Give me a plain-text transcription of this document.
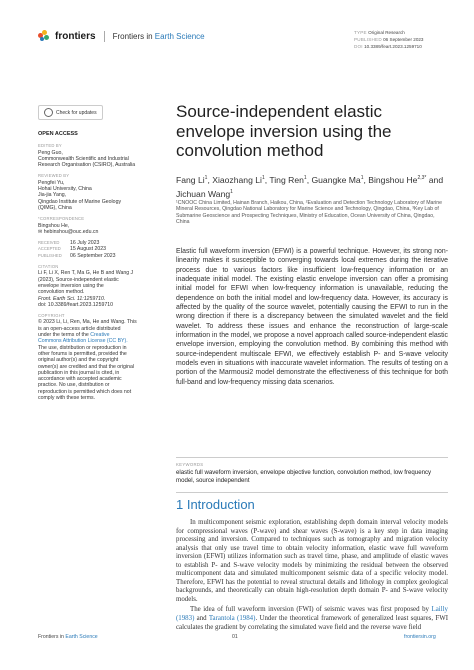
frontiers Frontiers in Earth Science	TYPE Original Research
PUBLISHED 06 September 2023
DOI 10.3389/feart.2023.1259710
Check for updates
OPEN ACCESS
EDITED BY
Peng Guo,
Commonwealth Scientific and Industrial
Research Organisation (CSIRO), Australia
REVIEWED BY
Pengfei Yu,
Hohai University, China
Jia-jia Yang,
Qingdao Institute of Marine Geology
(QIMG), China
*CORRESPONDENCE
Bingshou He,
✉ hebinshou@ouc.edu.cn
RECEIVED	16 July 2023
ACCEPTED	15 August 2023
PUBLISHED	06 September 2023
CITATION
Li F, Li X, Ren T, Ma G, He B and Wang J
(2023), Source-independent elastic
envelope inversion using the
convolution method.
Front. Earth Sci. 11:1259710.
doi: 10.3389/feart.2023.1259710
COPYRIGHT
© 2023 Li, Li, Ren, Ma, He and Wang. This
is an open-access article distributed
under the terms of the Creative
Commons Attribution License (CC BY).
The use, distribution or reproduction in
other forums is permitted, provided the
original author(s) and the copyright
owner(s) are credited and that the original
publication in this journal is cited, in
accordance with accepted academic
practice. No use, distribution or
reproduction is permitted which does not
comply with these terms.
Source-independent elastic envelope inversion using the convolution method
Fang Li$^1$, Xiaozhang Li$^1$, Ting Ren$^1$, Guangke Ma$^1$, Bingshou $He^{2,3*}$ and Jichuan Wang$^1$
¹CNOOC China Limited, Hainan Branch, Haikou, China, ²Evaluation and Detection Technology Laboratory of Marine Mineral Resources, Qingdao National Laboratory for Marine Science and Technology, Qingdao, China, ³Key Lab of Submarine Geoscience and Prospecting Techniques, Ministry of Education, Ocean University of China, Qingdao, China
Elastic full waveform inversion (EFWI) is a powerful technique. However, its strong non-linearity makes it susceptible to converging towards local extremes during the iterative process due to various factors like insufficient low-frequency information or an inadequate initial model. The existing elastic envelope inversion can offer a promising initial model for EFWI when low-frequency information is unavailable, reducing the dependence on both the initial model and low-frequency data. However, its accuracy is affected by the quality of the source wavelet, potentially causing the EFWI to run in the wrong direction if there is a discrepancy between the simulated wavelet and the field wavelet. To address these issues and enhance the reconstruction of large-scale information in the model, we propose a novel approach called source-independent elastic envelope inversion, employing the convolution method. By combining this method with source-independent multiscale EFWI, we effectively establish P- and S-wave velocity models even in situations with inaccurate wavelet information. The results of testing on a portion of the Marmousi2 model demonstrate the effectiveness of this technique for both full-band and low-frequency missing data scenarios.
KEYWORDS
elastic full waveform inversion, envelope objective function, convolution method, low frequency model, source independent
1 Introduction

In multicomponent seismic exploration, establishing depth domain interval velocity models for compressional waves (P-wave) and shear waves (S-wave) is a key step in data imaging processing and inversion. Compared to techniques such as tomography and migration velocity analysis that only use travel time to obtain velocity information, elastic wave full waveform inversion (EFWI) utilizes information such as travel time, phase, and amplitude of elastic waves to establish P- and S-wave velocity models by minimizing the residual between the observed multicomponent data and simulated multicomponent seismic data of a specific velocity model. Therefore, EFWI has the potential to reveal structural details and lithology in complex geological backgrounds, and theoretically can obtain high-resolution depth domain P- and S-wave velocity models.

The idea of full waveform inversion (FWI) of seismic waves was first proposed by Lailly (1983) and Tarantola (1984). Under the theoretical framework of generalized least squares, FWI calculates the gradient by correlating the simulated wave field and the reverse wave field

Frontiers in Earth Science	01	frontiersin.org
